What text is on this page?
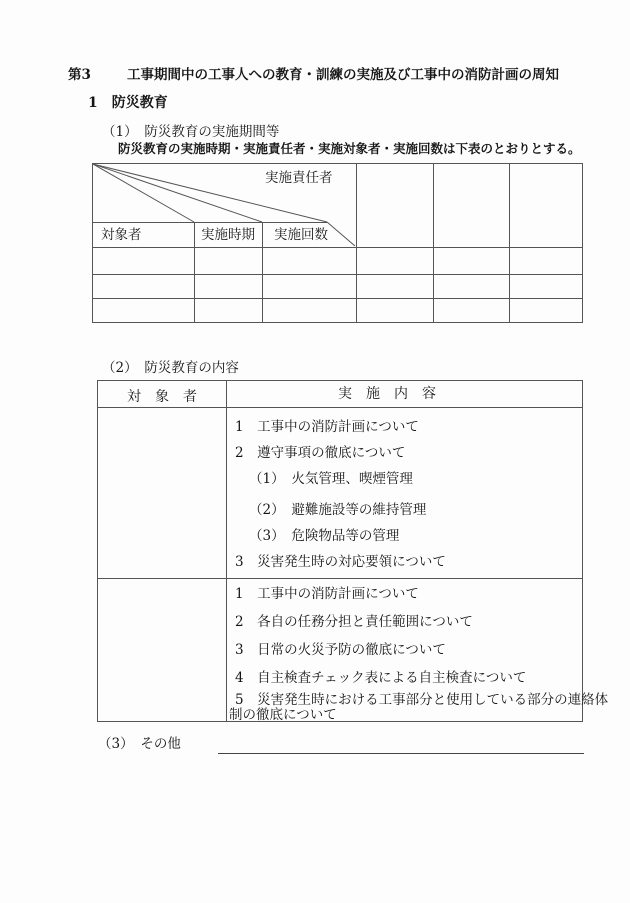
第3	工事期間中の工事人への教育・訓練の実施及び工事中の消防計画の周知
1　防災教育
（1）　防災教育の実施期間等
防災教育の実施時期・実施責任者・実施対象者・実施回数は下表のとおりとする。
実施責任者
対象者	実施時期 実施回数
（2）　防災教育の内容
対　象　者	実　施　内　容
1　工事中の消防計画について
2　遵守事項の徹底について
（1）　火気管理、喫煙管理
（2）　避難施設等の維持管理
（3）　危険物品等の管理
3　災害発生時の対応要領について
1　工事中の消防計画について
2　各自の任務分担と責任範囲について
3　日常の火災予防の徹底について
4　自主検査チェック表による自主検査について
5　災害発生時における工事部分と使用している部分の連絡体
制の徹底について
（3）　その他
